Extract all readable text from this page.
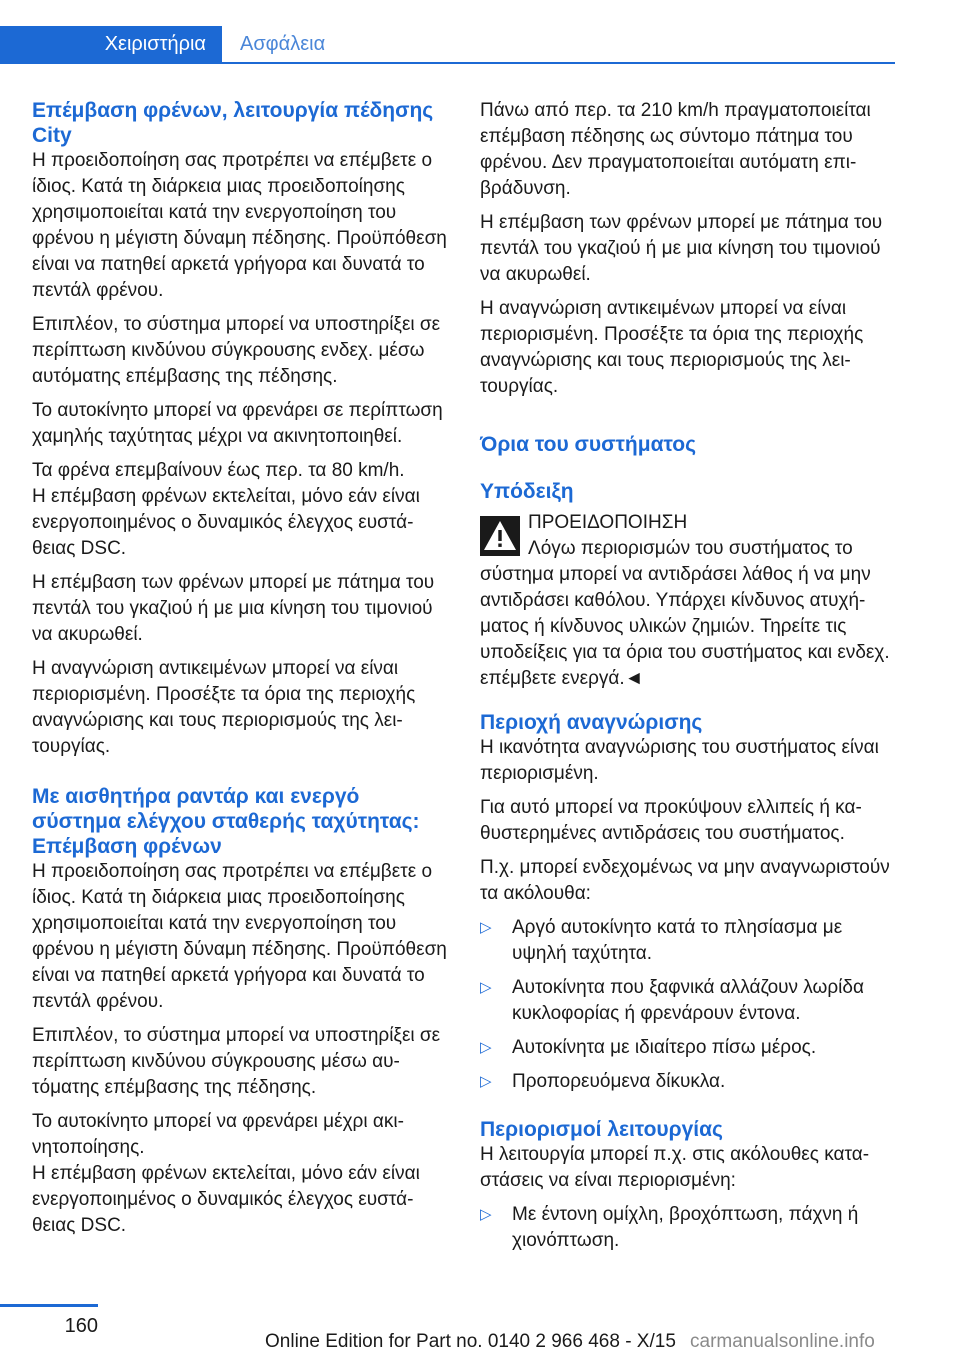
Χειριστήρια	Ασφάλεια
Επέμβαση φρένων, λειτουργία πέδησης City

Η προειδοποίηση σας προτρέπει να επέμβετε ο ίδιος. Κατά τη διάρκεια μιας προειδοποίησης χρησιμοποιείται κατά την ενεργοποίηση του φρένου η μέγιστη δύναμη πέδησης. Προϋπόθεση είναι να πατηθεί αρκετά γρήγορα και δυνατά το πεντάλ φρένου.

Επιπλέον, το σύστημα μπορεί να υποστηρίξει σε περίπτωση κινδύνου σύγκρουσης ενδεχ. μέσω αυτόματης επέμβασης της πέδησης.

Το αυτοκίνητο μπορεί να φρενάρει σε περίπτωση χαμηλής ταχύτητας μέχρι να ακινητοποιηθεί.

Τα φρένα επεμβαίνουν έως περ. τα 80 km/h.

Η επέμβαση φρένων εκτελείται, μόνο εάν είναι ενεργοποιημένος ο δυναμικός έλεγχος ευστάθειας DSC.

Η επέμβαση των φρένων μπορεί με πάτημα του πεντάλ του γκαζιού ή με μια κίνηση του τιμονιού να ακυρωθεί.

Η αναγνώριση αντικειμένων μπορεί να είναι περιορισμένη. Προσέξτε τα όρια της περιοχής αναγνώρισης και τους περιορισμούς της λειτουργίας.

Με αισθητήρα ραντάρ και ενεργό σύστημα ελέγχου σταθερής ταχύτητας: Επέμβαση φρένων

Η προειδοποίηση σας προτρέπει να επέμβετε ο ίδιος. Κατά τη διάρκεια μιας προειδοποίησης χρησιμοποιείται κατά την ενεργοποίηση του φρένου η μέγιστη δύναμη πέδησης. Προϋπόθεση είναι να πατηθεί αρκετά γρήγορα και δυνατά το πεντάλ φρένου.

Επιπλέον, το σύστημα μπορεί να υποστηρίξει σε περίπτωση κινδύνου σύγκρουσης μέσω αυτόματης επέμβασης της πέδησης.

Το αυτοκίνητο μπορεί να φρενάρει μέχρι ακινητοποίησης.

Η επέμβαση φρένων εκτελείται, μόνο εάν είναι ενεργοποιημένος ο δυναμικός έλεγχος ευστάθειας DSC.

Πάνω από περ. τα 210 km/h πραγματοποιείται επέμβαση πέδησης ως σύντομο πάτημα του φρένου. Δεν πραγματοποιείται αυτόματη επιβράδυνση.

Η επέμβαση των φρένων μπορεί με πάτημα του πεντάλ του γκαζιού ή με μια κίνηση του τιμονιού να ακυρωθεί.

Η αναγνώριση αντικειμένων μπορεί να είναι περιορισμένη. Προσέξτε τα όρια της περιοχής αναγνώρισης και τους περιορισμούς της λειτουργίας.

Όρια του συστήματος
Υπόδειξη

ΠΡΟΕΙΔΟΠΟΙΗΣΗ

Λόγω περιορισμών του συστήματος το σύστημα μπορεί να αντιδράσει λάθος ή να μην αντιδράσει καθόλου. Υπάρχει κίνδυνος ατυχήματος ή κίνδυνος υλικών ζημιών. Τηρείτε τις υποδείξεις για τα όρια του συστήματος και ενδεχ. επέμβετε ενεργά.◄

Περιοχή αναγνώρισης

Η ικανότητα αναγνώρισης του συστήματος είναι περιορισμένη.

Για αυτό μπορεί να προκύψουν ελλιπείς ή καθυστερημένες αντιδράσεις του συστήματος.

Π.χ. μπορεί ενδεχομένως να μην αναγνωριστούν τα ακόλουθα:

▷ Αργό αυτοκίνητο κατά το πλησίασμα με υψηλή ταχύτητα.
▷ Αυτοκίνητα που ξαφνικά αλλάζουν λωρίδα κυκλοφορίας ή φρενάρουν έντονα.
▷ Αυτοκίνητα με ιδιαίτερο πίσω μέρος.
▷ Προπορευόμενα δίκυκλα.
Περιορισμοί λειτουργίας

Η λειτουργία μπορεί π.χ. στις ακόλουθες καταστάσεις να είναι περιορισμένη:

▷ Με έντονη ομίχλη, βροχόπτωση, πάχνη ή χιονόπτωση.
160
Online Edition for Part no. 0140 2 966 468 - X/15 carmanualsonline.info
